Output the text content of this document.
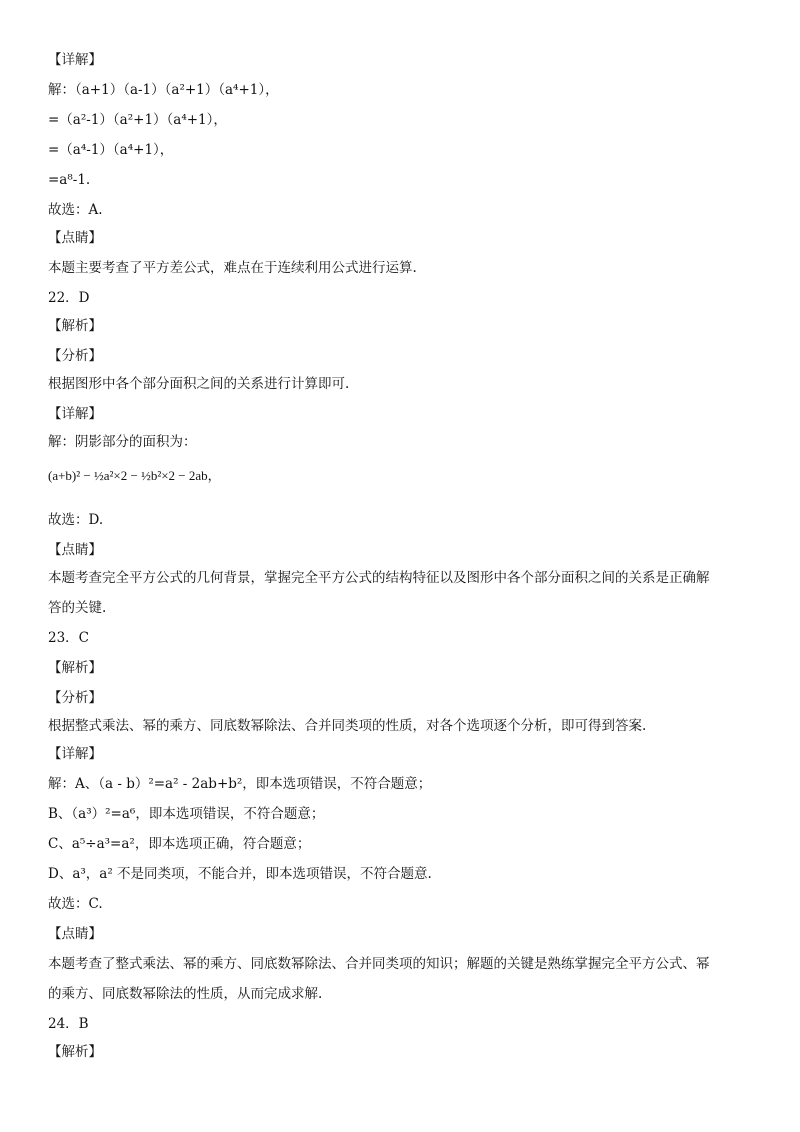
【详解】
解：（a+1）（a-1）（a²+1）（a⁴+1），
=（a²-1）（a²+1）（a⁴+1），
=（a⁴-1）（a⁴+1），
=a⁸-1.
故选：A.
【点睛】
本题主要考查了平方差公式，难点在于连续利用公式进行运算.
22．D
【解析】
【分析】
根据图形中各个部分面积之间的关系进行计算即可.
【详解】
解：阴影部分的面积为：
(a+b)² − ½a²×2 − ½b²×2 − 2ab，
故选：D.
【点睛】
本题考查完全平方公式的几何背景，掌握完全平方公式的结构特征以及图形中各个部分面积之间的关系是正确解
答的关键.
23．C
【解析】
【分析】
根据整式乘法、幂的乘方、同底数幂除法、合并同类项的性质，对各个选项逐个分析，即可得到答案.
【详解】
解：A、（a - b）²=a² - 2ab+b²，即本选项错误，不符合题意；
B、（a³）²=a⁶，即本选项错误，不符合题意；
C、a⁵÷a³=a²，即本选项正确，符合题意；
D、a³，a² 不是同类项，不能合并，即本选项错误，不符合题意.
故选：C.
【点睛】
本题考查了整式乘法、幂的乘方、同底数幂除法、合并同类项的知识；解题的关键是熟练掌握完全平方公式、幂
的乘方、同底数幂除法的性质，从而完成求解.
24．B
【解析】
